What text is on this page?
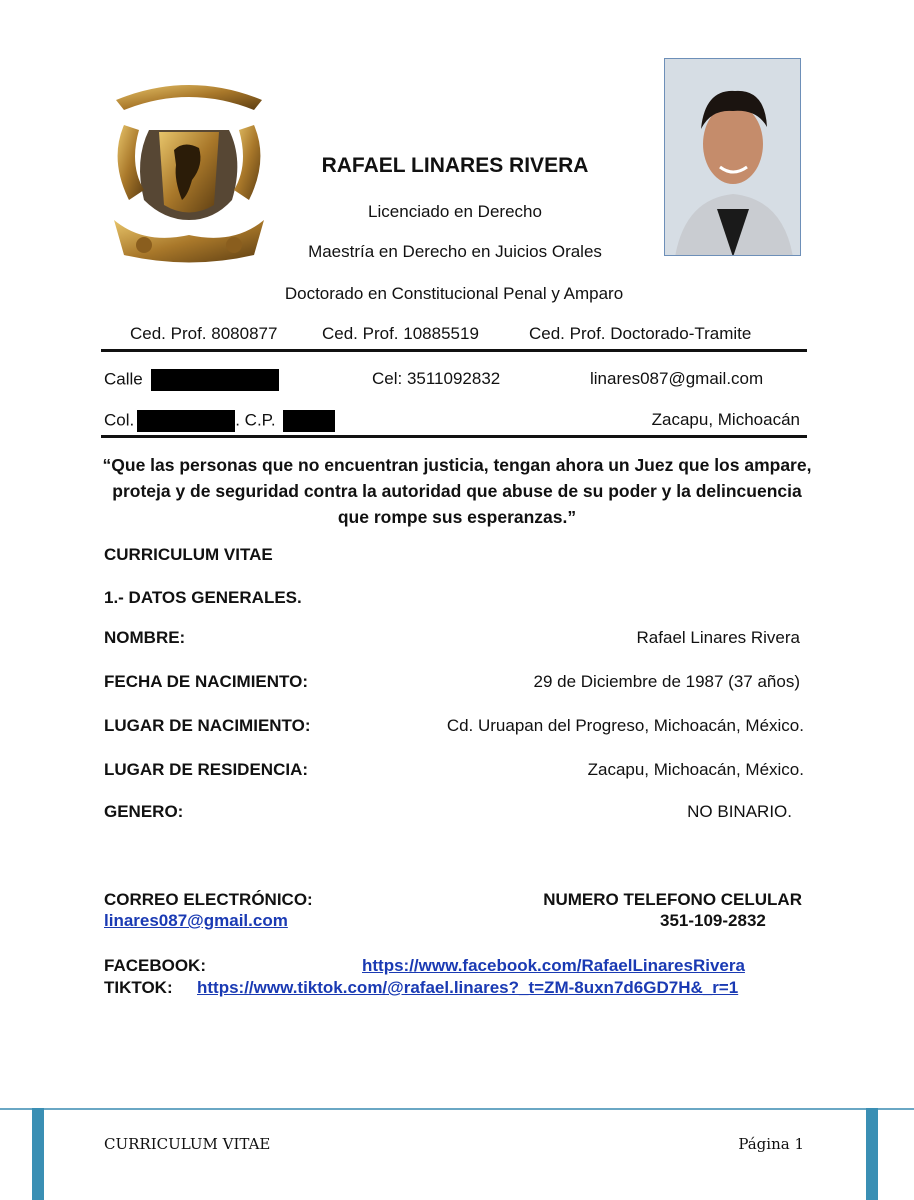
RAFAEL LINARES RIVERA
Licenciado en Derecho
Maestría en Derecho en Juicios Orales
Doctorado en Constitucional Penal y Amparo
Ced. Prof. 8080877	Ced. Prof. 10885519	Ced. Prof. Doctorado-Tramite
Calle	Cel: 3511092832	linares087@gmail.com
Col.	. C.P.	Zacapu, Michoacán
“Que las personas que no encuentran justicia, tengan ahora un Juez que los ampare, proteja y de seguridad contra la autoridad que abuse de su poder y la delincuencia que rompe sus esperanzas.”
CURRICULUM VITAE
1.- DATOS GENERALES.
NOMBRE:	Rafael Linares Rivera
FECHA DE NACIMIENTO:	29 de Diciembre de 1987 (37 años)
LUGAR DE NACIMIENTO:	Cd. Uruapan del Progreso, Michoacán, México.
LUGAR DE RESIDENCIA:	Zacapu, Michoacán, México.
GENERO:	NO BINARIO.
CORREO ELECTRÓNICO:
linares087@gmail.com
NUMERO TELEFONO CELULAR
351-109-2832
FACEBOOK:	https://www.facebook.com/RafaelLinaresRivera
TIKTOK: https://www.tiktok.com/@rafael.linares?_t=ZM-8uxn7d6GD7H&_r=1
CURRICULUM VITAE	Página 1
